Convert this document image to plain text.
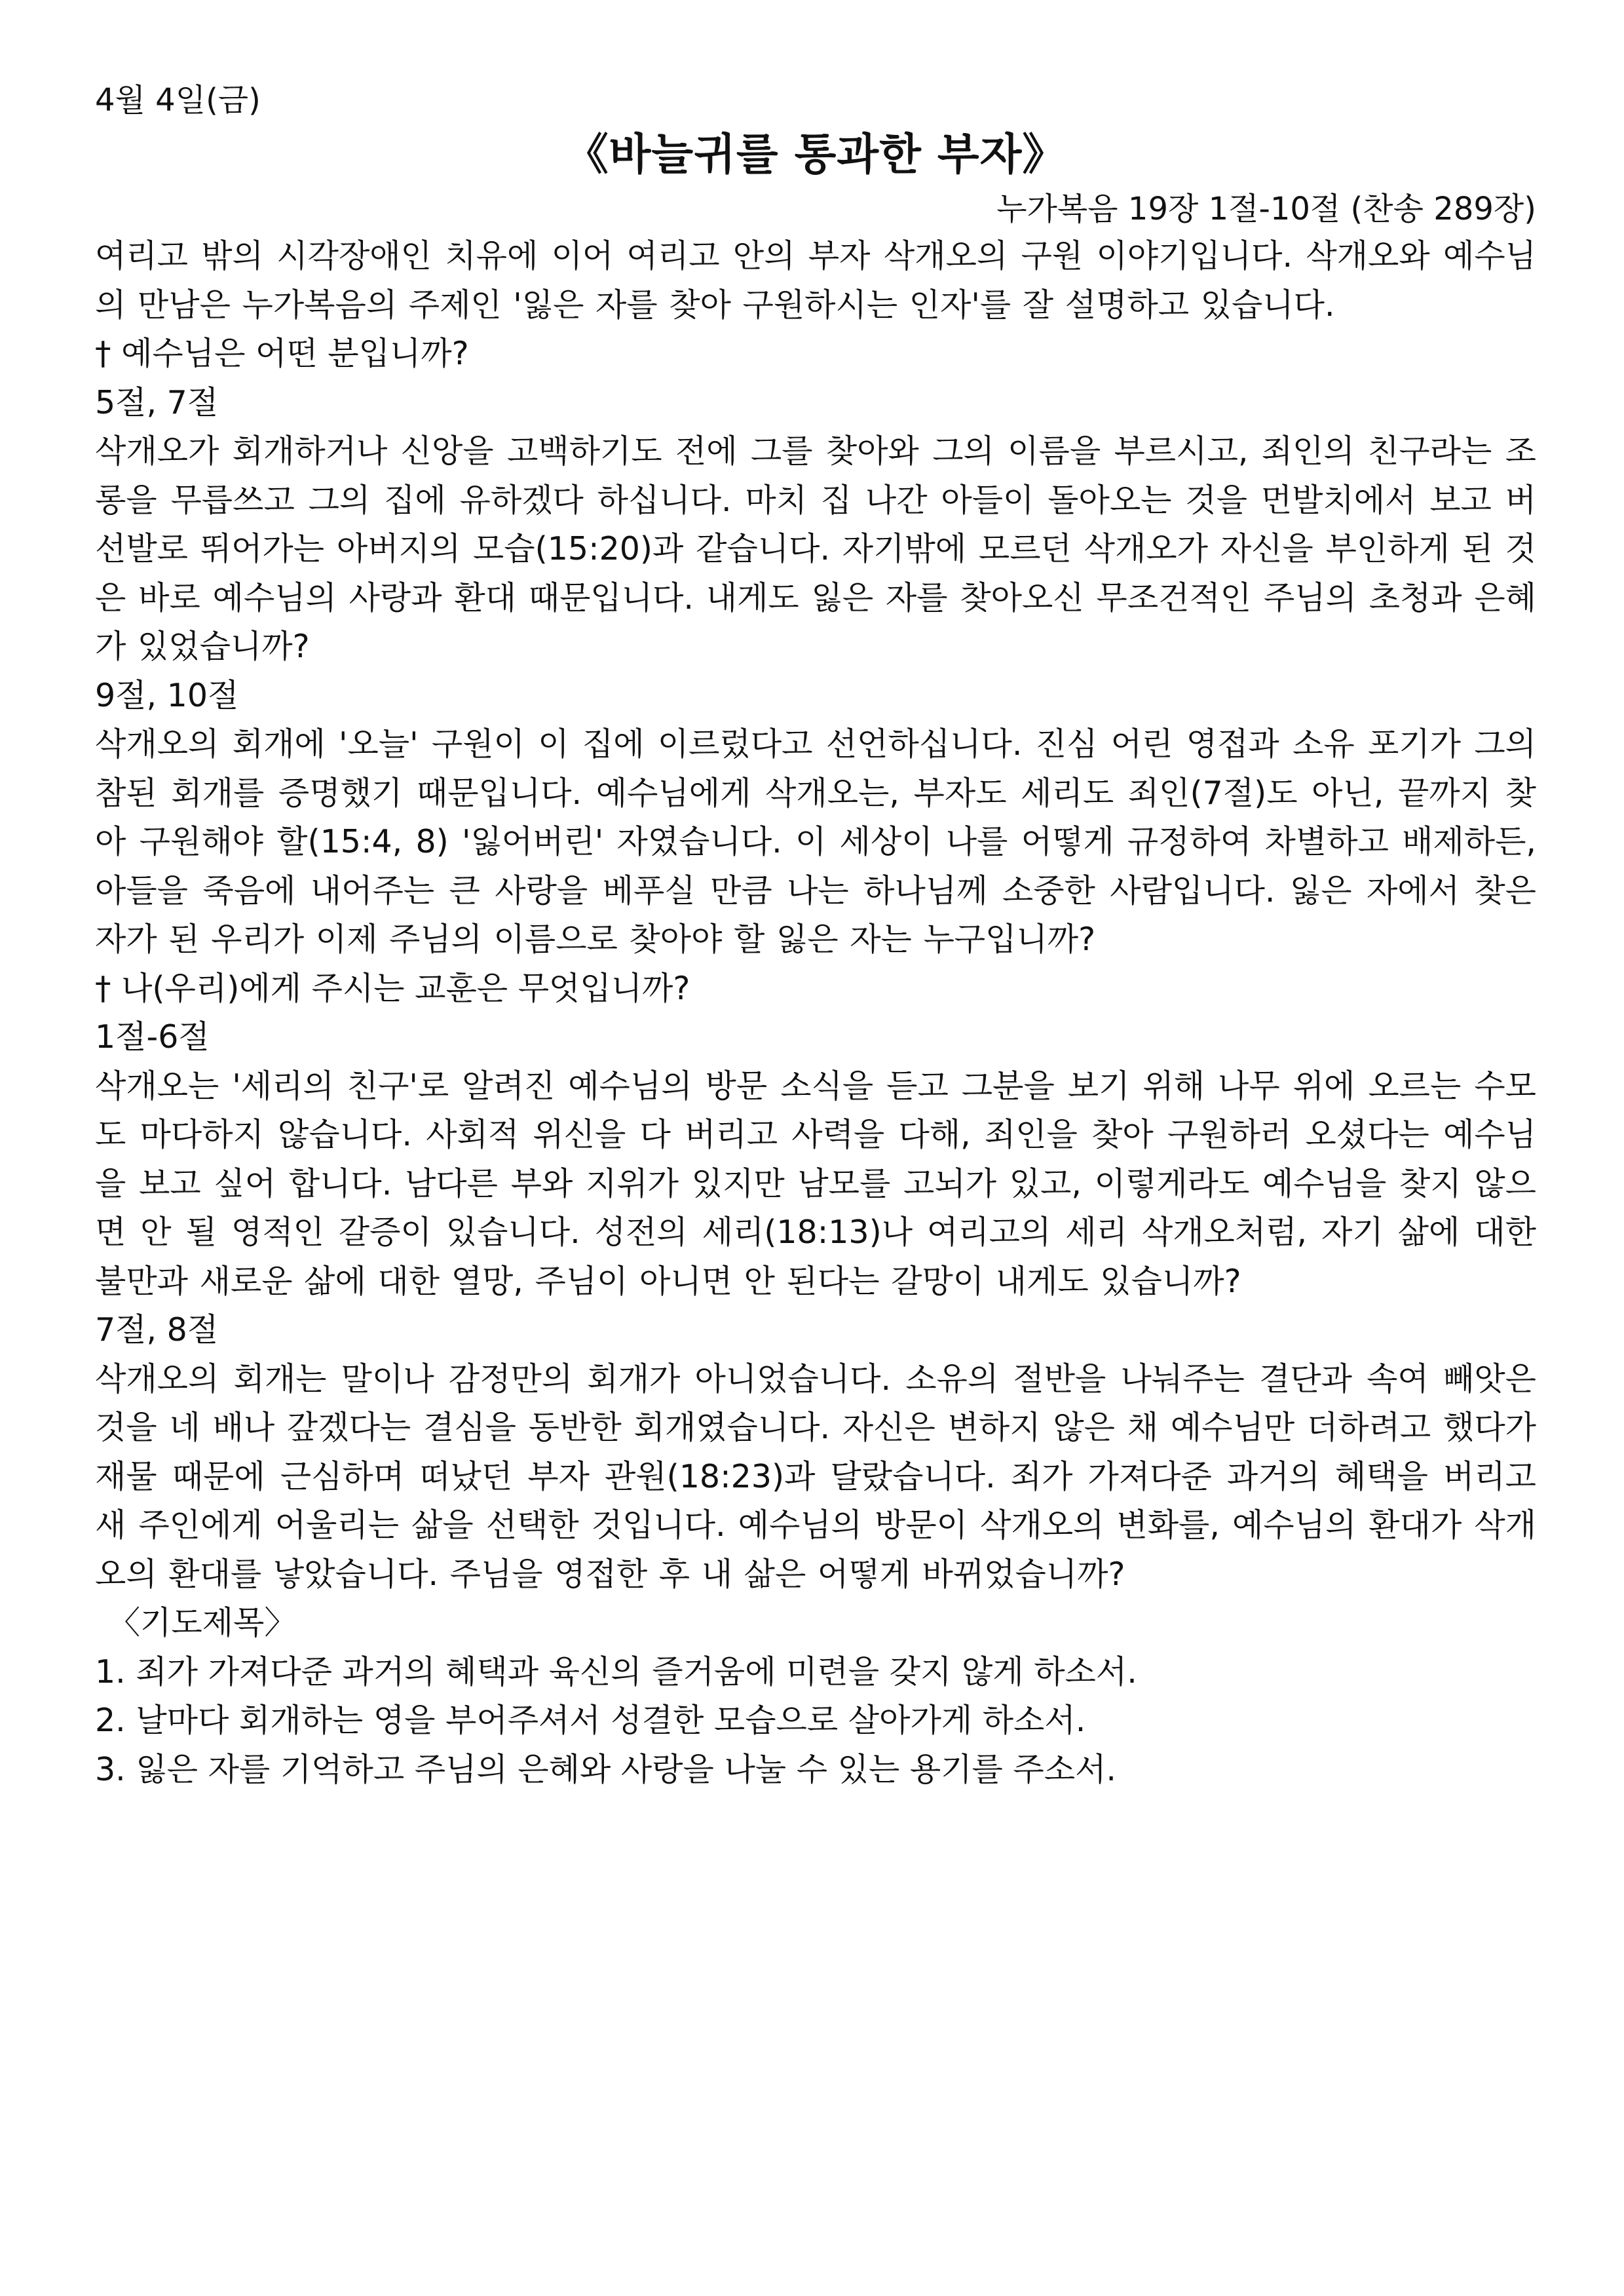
4월 4일(금)
《바늘귀를 통과한 부자》
누가복음 19장 1절-10절 (찬송 289장)

여리고 밖의 시각장애인 치유에 이어 여리고 안의 부자 삭개오의 구원 이야기입니다. 삭개오와 예수님의 만남은 누가복음의 주제인 '잃은 자를 찾아 구원하시는 인자'를 잘 설명하고 있습니다.

† 예수님은 어떤 분입니까?
5절, 7절

삭개오가 회개하거나 신앙을 고백하기도 전에 그를 찾아와 그의 이름을 부르시고, 죄인의 친구라는 조롱을 무릅쓰고 그의 집에 유하겠다 하십니다. 마치 집 나간 아들이 돌아오는 것을 먼발치에서 보고 버선발로 뛰어가는 아버지의 모습(15:20)과 같습니다. 자기밖에 모르던 삭개오가 자신을 부인하게 된 것은 바로 예수님의 사랑과 환대 때문입니다. 내게도 잃은 자를 찾아오신 무조건적인 주님의 초청과 은혜가 있었습니까?

9절, 10절

삭개오의 회개에 '오늘' 구원이 이 집에 이르렀다고 선언하십니다. 진심 어린 영접과 소유 포기가 그의 참된 회개를 증명했기 때문입니다. 예수님에게 삭개오는, 부자도 세리도 죄인(7절)도 아닌, 끝까지 찾아 구원해야 할(15:4, 8) '잃어버린' 자였습니다. 이 세상이 나를 어떻게 규정하여 차별하고 배제하든, 아들을 죽음에 내어주는 큰 사랑을 베푸실 만큼 나는 하나님께 소중한 사람입니다. 잃은 자에서 찾은 자가 된 우리가 이제 주님의 이름으로 찾아야 할 잃은 자는 누구입니까?

† 나(우리)에게 주시는 교훈은 무엇입니까?
1절-6절

삭개오는 '세리의 친구'로 알려진 예수님의 방문 소식을 듣고 그분을 보기 위해 나무 위에 오르는 수모도 마다하지 않습니다. 사회적 위신을 다 버리고 사력을 다해, 죄인을 찾아 구원하러 오셨다는 예수님을 보고 싶어 합니다. 남다른 부와 지위가 있지만 남모를 고뇌가 있고, 이렇게라도 예수님을 찾지 않으면 안 될 영적인 갈증이 있습니다. 성전의 세리(18:13)나 여리고의 세리 삭개오처럼, 자기 삶에 대한 불만과 새로운 삶에 대한 열망, 주님이 아니면 안 된다는 갈망이 내게도 있습니까?

7절, 8절

삭개오의 회개는 말이나 감정만의 회개가 아니었습니다. 소유의 절반을 나눠주는 결단과 속여 빼앗은 것을 네 배나 갚겠다는 결심을 동반한 회개였습니다. 자신은 변하지 않은 채 예수님만 더하려고 했다가 재물 때문에 근심하며 떠났던 부자 관원(18:23)과 달랐습니다. 죄가 가져다준 과거의 혜택을 버리고 새 주인에게 어울리는 삶을 선택한 것입니다. 예수님의 방문이 삭개오의 변화를, 예수님의 환대가 삭개오의 환대를 낳았습니다. 주님을 영접한 후 내 삶은 어떻게 바뀌었습니까?

〈기도제목〉
1. 죄가 가져다준 과거의 혜택과 육신의 즐거움에 미련을 갖지 않게 하소서.
2. 날마다 회개하는 영을 부어주셔서 성결한 모습으로 살아가게 하소서.
3. 잃은 자를 기억하고 주님의 은혜와 사랑을 나눌 수 있는 용기를 주소서.
